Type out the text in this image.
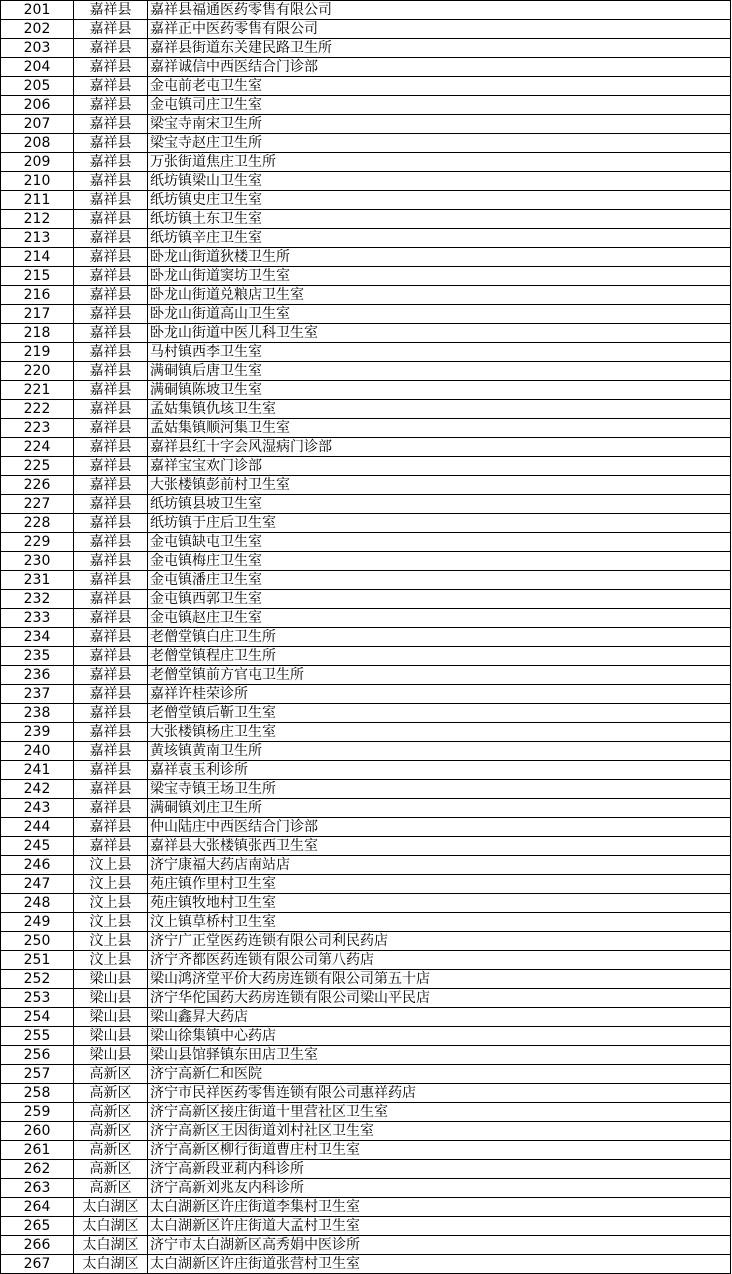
201	嘉祥县	嘉祥县福通医药零售有限公司
202	嘉祥县	嘉祥正中医药零售有限公司
203	嘉祥县	嘉祥县街道东关建民路卫生所
204	嘉祥县	嘉祥诚信中西医结合门诊部
205	嘉祥县	金屯前老屯卫生室
206	嘉祥县	金屯镇司庄卫生室
207	嘉祥县	梁宝寺南宋卫生所
208	嘉祥县	梁宝寺赵庄卫生所
209	嘉祥县	万张街道焦庄卫生所
210	嘉祥县	纸坊镇梁山卫生室
211	嘉祥县	纸坊镇史庄卫生室
212	嘉祥县	纸坊镇土东卫生室
213	嘉祥县	纸坊镇辛庄卫生室
214	嘉祥县	卧龙山街道狄楼卫生所
215	嘉祥县	卧龙山街道窦坊卫生室
216	嘉祥县	卧龙山街道兑粮店卫生室
217	嘉祥县	卧龙山街道高山卫生室
218	嘉祥县	卧龙山街道中医儿科卫生室
219	嘉祥县	马村镇西李卫生室
220	嘉祥县	满硐镇后唐卫生室
221	嘉祥县	满硐镇陈坡卫生室
222	嘉祥县	孟姑集镇仇垓卫生室
223	嘉祥县	孟姑集镇顺河集卫生室
224	嘉祥县	嘉祥县红十字会风湿病门诊部
225	嘉祥县	嘉祥宝宝欢门诊部
226	嘉祥县	大张楼镇彭前村卫生室
227	嘉祥县	纸坊镇县坡卫生室
228	嘉祥县	纸坊镇于庄后卫生室
229	嘉祥县	金屯镇缺屯卫生室
230	嘉祥县	金屯镇梅庄卫生室
231	嘉祥县	金屯镇潘庄卫生室
232	嘉祥县	金屯镇西郭卫生室
233	嘉祥县	金屯镇赵庄卫生室
234	嘉祥县	老僧堂镇白庄卫生所
235	嘉祥县	老僧堂镇程庄卫生所
236	嘉祥县	老僧堂镇前方官屯卫生所
237	嘉祥县	嘉祥许桂荣诊所
238	嘉祥县	老僧堂镇后靳卫生室
239	嘉祥县	大张楼镇杨庄卫生室
240	嘉祥县	黄垓镇黄南卫生所
241	嘉祥县	嘉祥袁玉利诊所
242	嘉祥县	梁宝寺镇王场卫生所
243	嘉祥县	满硐镇刘庄卫生所
244	嘉祥县	仲山陆庄中西医结合门诊部
245	嘉祥县	嘉祥县大张楼镇张西卫生室
246	汶上县	济宁康福大药店南站店
247	汶上县	苑庄镇作里村卫生室
248	汶上县	苑庄镇牧地村卫生室
249	汶上县	汶上镇草桥村卫生室
250	汶上县	济宁广正堂医药连锁有限公司利民药店
251	汶上县	济宁齐都医药连锁有限公司第八药店
252	梁山县	梁山鸿济堂平价大药房连锁有限公司第五十店
253	梁山县	济宁华佗国药大药房连锁有限公司梁山平民店
254	梁山县	梁山鑫昇大药店
255	梁山县	梁山徐集镇中心药店
256	梁山县	梁山县馆驿镇东田店卫生室
257	高新区	济宁高新仁和医院
258	高新区	济宁市民祥医药零售连锁有限公司惠祥药店
259	高新区	济宁高新区接庄街道十里营社区卫生室
260	高新区	济宁高新区王因街道刘村社区卫生室
261	高新区	济宁高新区柳行街道曹庄村卫生室
262	高新区	济宁高新段亚莉内科诊所
263	高新区	济宁高新刘兆友内科诊所
264	太白湖区	太白湖新区许庄街道李集村卫生室
265	太白湖区	太白湖新区许庄街道大孟村卫生室
266	太白湖区	济宁市太白湖新区高秀娟中医诊所
267	太白湖区	太白湖新区许庄街道张营村卫生室
